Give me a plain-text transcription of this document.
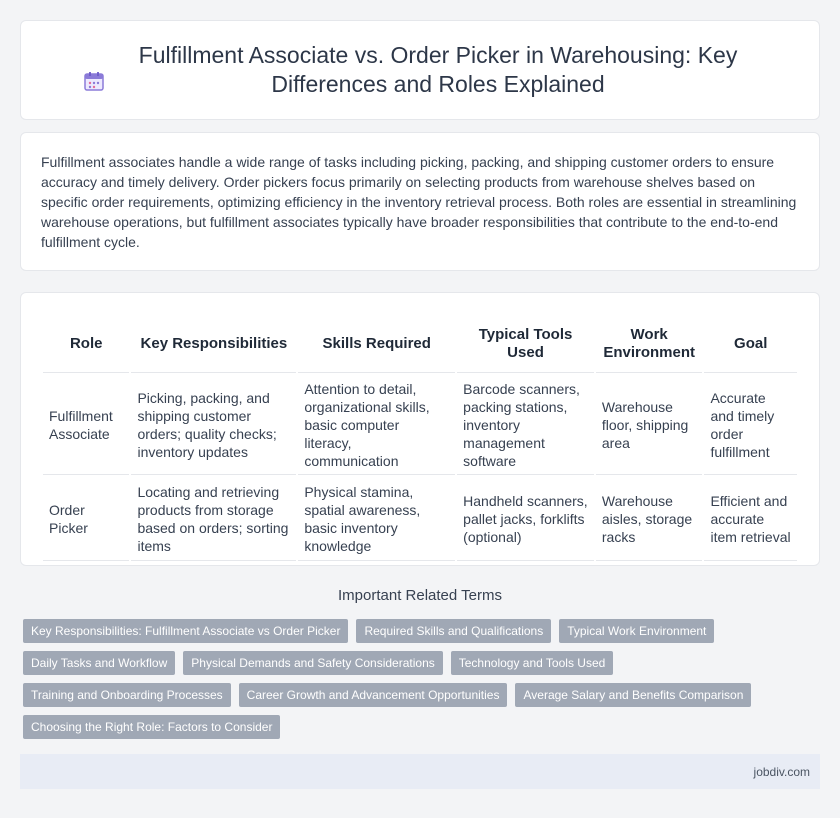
Fulfillment Associate vs. Order Picker in Warehousing: Key Differences and Roles Explained

Fulfillment associates handle a wide range of tasks including picking, packing, and shipping customer orders to ensure accuracy and timely delivery. Order pickers focus primarily on selecting products from warehouse shelves based on specific order requirements, optimizing efficiency in the inventory retrieval process. Both roles are essential in streamlining warehouse operations, but fulfillment associates typically have broader responsibilities that contribute to the end-to-end fulfillment cycle.

Role	Key Responsibilities	Skills Required	Typical Tools Used	Work Environment	Goal
Fulfillment Associate	Picking, packing, and shipping customer orders; quality checks; inventory updates	Attention to detail, organizational skills, basic computer literacy, communication	Barcode scanners, packing stations, inventory management software	Warehouse floor, shipping area	Accurate and timely order fulfillment
Order Picker	Locating and retrieving products from storage based on orders; sorting items	Physical stamina, spatial awareness, basic inventory knowledge	Handheld scanners, pallet jacks, forklifts (optional)	Warehouse aisles, storage racks	Efficient and accurate item retrieval
Important Related Terms
Key Responsibilities: Fulfillment Associate vs Order Picker	Required Skills and Qualifications	Typical Work Environment
Daily Tasks and Workflow	Physical Demands and Safety Considerations	Technology and Tools Used
Training and Onboarding Processes	Career Growth and Advancement Opportunities	Average Salary and Benefits Comparison
Choosing the Right Role: Factors to Consider
jobdiv.com
